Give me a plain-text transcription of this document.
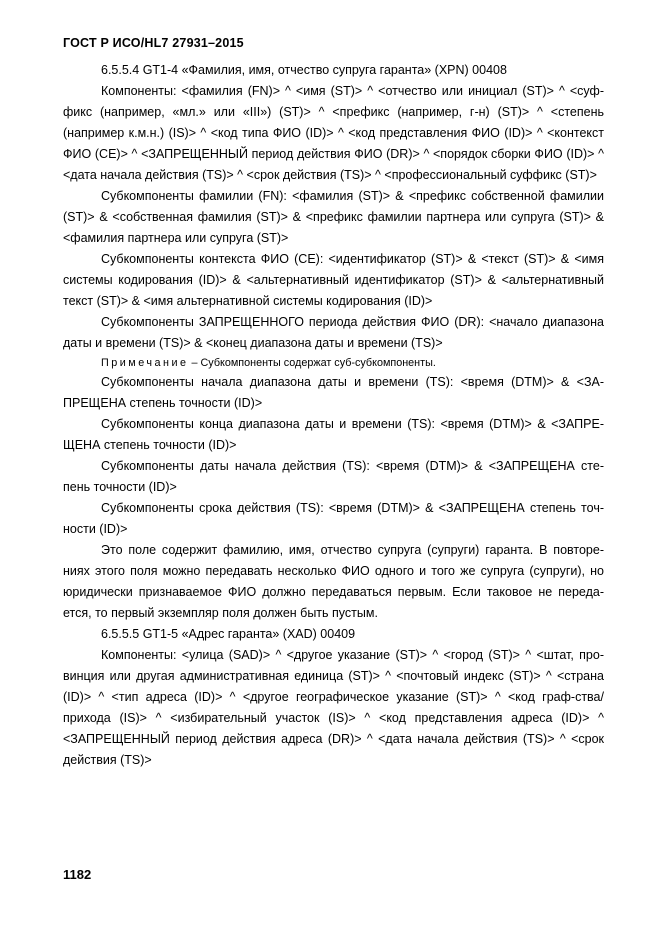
ГОСТ Р ИСО/HL7 27931–2015

6.5.5.4 GT1-4 «Фамилия, имя, отчество супруга гаранта» (XPN) 00408

Компоненты: <фамилия (FN)> ^ <имя (ST)> ^ <отчество или инициал (ST)> ^ <суф-фикс (например, «мл.» или «III») (ST)> ^ <префикс (например, г-н) (ST)> ^ <степень (например к.м.н.) (IS)> ^ <код типа ФИО (ID)> ^ <код представления ФИО (ID)> ^ <контекст ФИО (CE)> ^ <ЗАПРЕЩЕННЫЙ период действия ФИО (DR)> ^ <порядок сборки ФИО (ID)> ^ <дата начала действия (TS)> ^ <срок действия (TS)> ^ <профессиональный суффикс (ST)>

Субкомпоненты фамилии (FN): <фамилия (ST)> & <префикс собственной фамилии (ST)> & <собственная фамилия (ST)> & <префикс фамилии партнера или супруга (ST)> & <фамилия партнера или супруга (ST)>

Субкомпоненты контекста ФИО (CE): <идентификатор (ST)> & <текст (ST)> & <имя системы кодирования (ID)> & <альтернативный идентификатор (ST)> & <альтернативный текст (ST)> & <имя альтернативной системы кодирования (ID)>

Субкомпоненты ЗАПРЕЩЕННОГО периода действия ФИО (DR): <начало диапазона даты и времени (TS)> & <конец диапазона даты и времени (TS)>

Примечание – Субкомпоненты содержат суб-субкомпоненты.

Субкомпоненты начала диапазона даты и времени (TS): <время (DTM)> & <ЗА-ПРЕЩЕНА степень точности (ID)>

Субкомпоненты конца диапазона даты и времени (TS): <время (DTM)> & <ЗАПРЕ-ЩЕНА степень точности (ID)>

Субкомпоненты даты начала действия (TS): <время (DTM)> & <ЗАПРЕЩЕНА сте-пень точности (ID)>

Субкомпоненты срока действия (TS): <время (DTM)> & <ЗАПРЕЩЕНА степень точ-ности (ID)>

Это поле содержит фамилию, имя, отчество супруга (супруги) гаранта. В повторе-ниях этого поля можно передавать несколько ФИО одного и того же супруга (супруги), но юридически признаваемое ФИО должно передаваться первым. Если таковое не переда-ется, то первый экземпляр поля должен быть пустым.

6.5.5.5 GT1-5 «Адрес гаранта» (XAD) 00409

Компоненты: <улица (SAD)> ^ <другое указание (ST)> ^ <город (ST)> ^ <штат, про-винция или другая административная единица (ST)> ^ <почтовый индекс (ST)> ^ <страна (ID)> ^ <тип адреса (ID)> ^ <другое географическое указание (ST)> ^ <код граф-ства/прихода (IS)> ^ <избирательный участок (IS)> ^ <код представления адреса (ID)> ^ <ЗАПРЕЩЕННЫЙ период действия адреса (DR)> ^ <дата начала действия (TS)> ^ <срок действия (TS)>

1182
